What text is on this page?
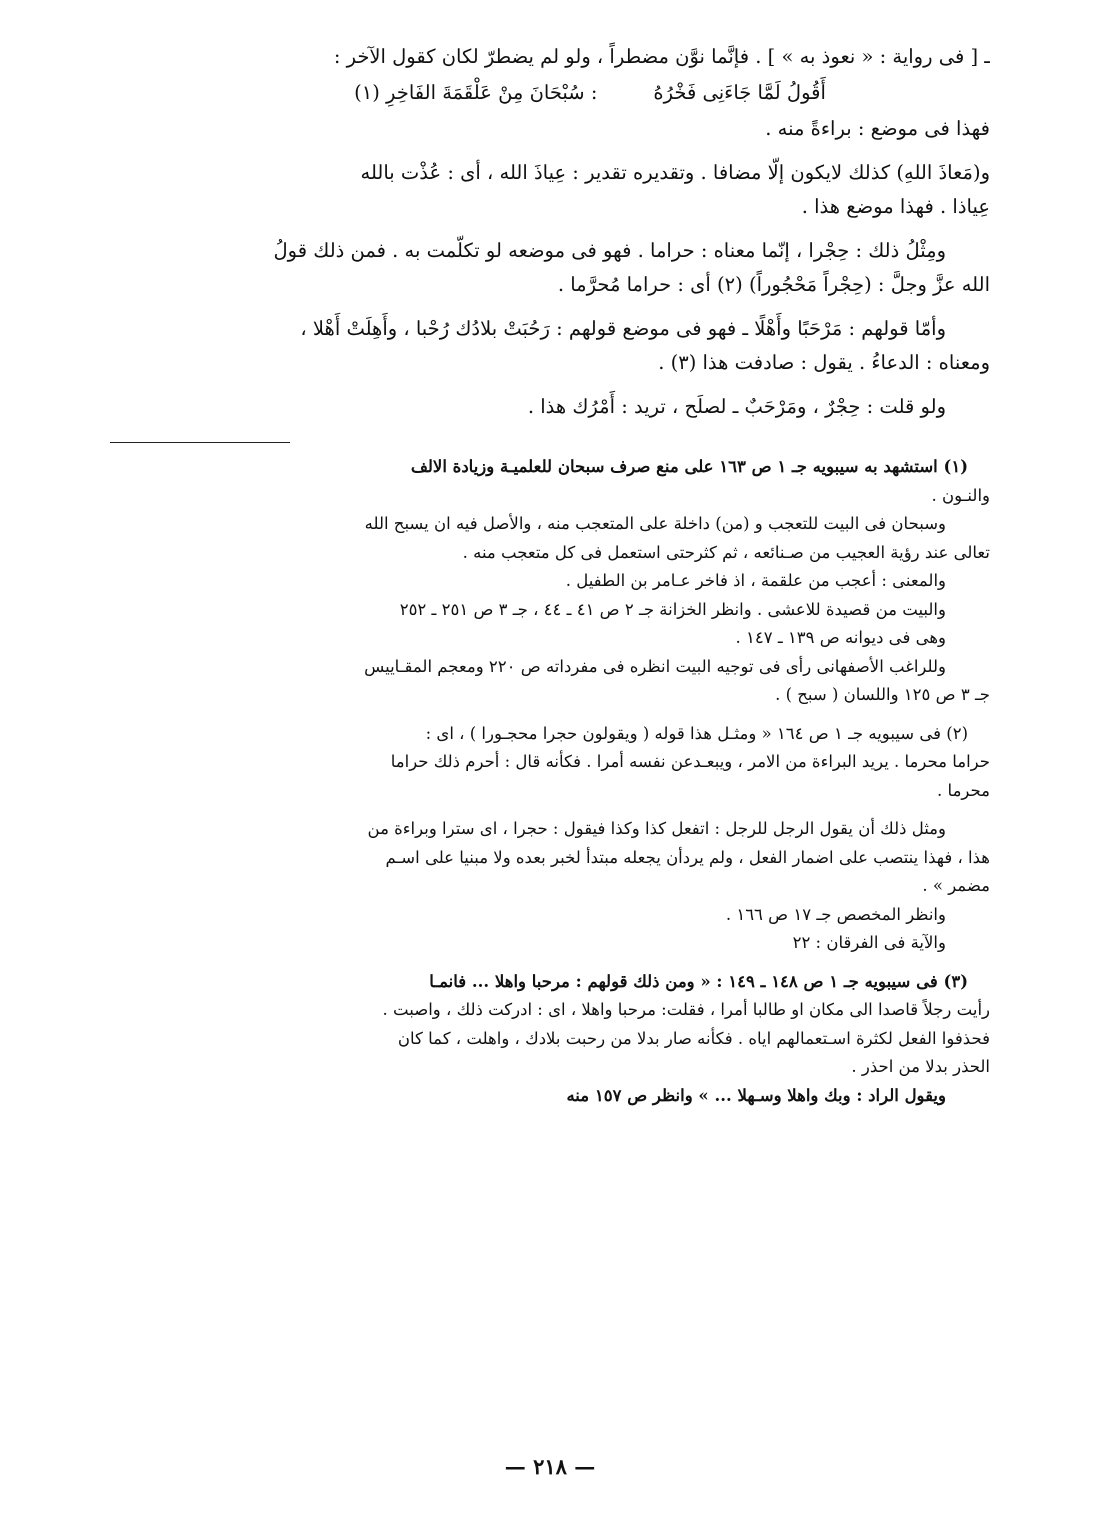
ـ [ فى رواية : « نعوذ به » ] . فإنَّما نوَّن مضطراً ، ولو لم يضطرّ لكان كقول الآخر :

أَقُولُ لَمَّا جَاءَنِى فَخْرُهُ
: سُبْحَانَ مِنْ عَلْقَمَةَ الفَاخِرِ (١)

فهذا فى موضع : براءةً منه .

و(مَعاذَ اللهِ) كذلك لايكون إلّا مضافا . وتقديره تقدير : عِياذَ الله ، أى : عُذْت بالله

عِياذا . فهذا موضع هذا .

ومِثْلُ ذلك : حِجْرا ، إنّما معناه : حراما . فهو فى موضعه لو تكلّمت به . فمن ذلك قولُ

الله عزَّ وجلَّ : (حِجْراً مَحْجُوراً) (٢) أى : حراما مُحرَّما .

وأمّا قولهم : مَرْحَبًا وأَهْلًا ـ فهو فى موضع قولهم : رَحُبَتْ بلادُك رُحْبا ، وأَهِلَتْ أَهْلا ،

ومعناه : الدعاءُ . يقول : صادفت هذا (٣) .

ولو قلت : حِجْرٌ ، ومَرْحَبٌ ـ لصلَح ، تريد : أَمْرُك هذا .

(١) استشهد به سيبويه جـ ١ ص ١٦٣ على منع صرف سبحان للعلميـة وزيادة الالف

والنـون .

وسبحان فى البيت للتعجب و (من) داخلة على المتعجب منه ، والأصل فيه ان يسبح الله

تعالى عند رؤية العجيب من صـنائعه ، ثم كثرحتى استعمل فى كل متعجب منه .

والمعنى : أعجب من علقمة ، اذ فاخر عـامر بن الطفيل .

والبيت من قصيدة للاعشى . وانظر الخزانة جـ ٢ ص ٤١ ـ ٤٤ ، جـ ٣ ص ٢٥١ ـ ٢٥٢

وهى فى ديوانه ص ١٣٩ ـ ١٤٧ .

وللراغب الأصفهانى رأى فى توجيه البيت انظره فى مفرداته ص ٢٢٠ ومعجم المقـاييس

جـ ٣ ص ١٢٥ واللسان ( سبح ) .

(٢) فى سيبويه جـ ١ ص ١٦٤ « ومثـل هذا قوله ( ويقولون حجرا محجـورا ) ، اى :

حراما محرما . يريد البراءة من الامر ، ويبعـدعن نفسه أمرا . فكأنه قال : أحرم ذلك حراما

محرما .

ومثل ذلك أن يقول الرجل للرجل : اتفعل كذا وكذا فيقول : حجرا ، اى سترا وبراءة من

هذا ، فهذا ينتصب على اضمار الفعل ، ولم يردأن يجعله مبتدأ لخبر بعده ولا مبنيا على اسـم

مضمر » .

وانظر المخصص جـ ١٧ ص ١٦٦ .

والآية فى الفرقان : ٢٢

(٣) فى سيبويه جـ ١ ص ١٤٨ ـ ١٤٩ : « ومن ذلك قولهم : مرحبا واهلا ... فانمـا

رأيت رجلاً قاصدا الى مكان او طالبا أمرا ، فقلت: مرحبا واهلا ، اى : ادركت ذلك ، واصبت .

فحذفوا الفعل لكثرة اسـتعمالهم اياه . فكأنه صار بدلا من رحبت بلادك ، واهلت ، كما كان

الحذر بدلا من احذر .

ويقول الراد : وبك واهلا وسـهلا ... » وانظر ص ١٥٧ منه

— ٢١٨ —
